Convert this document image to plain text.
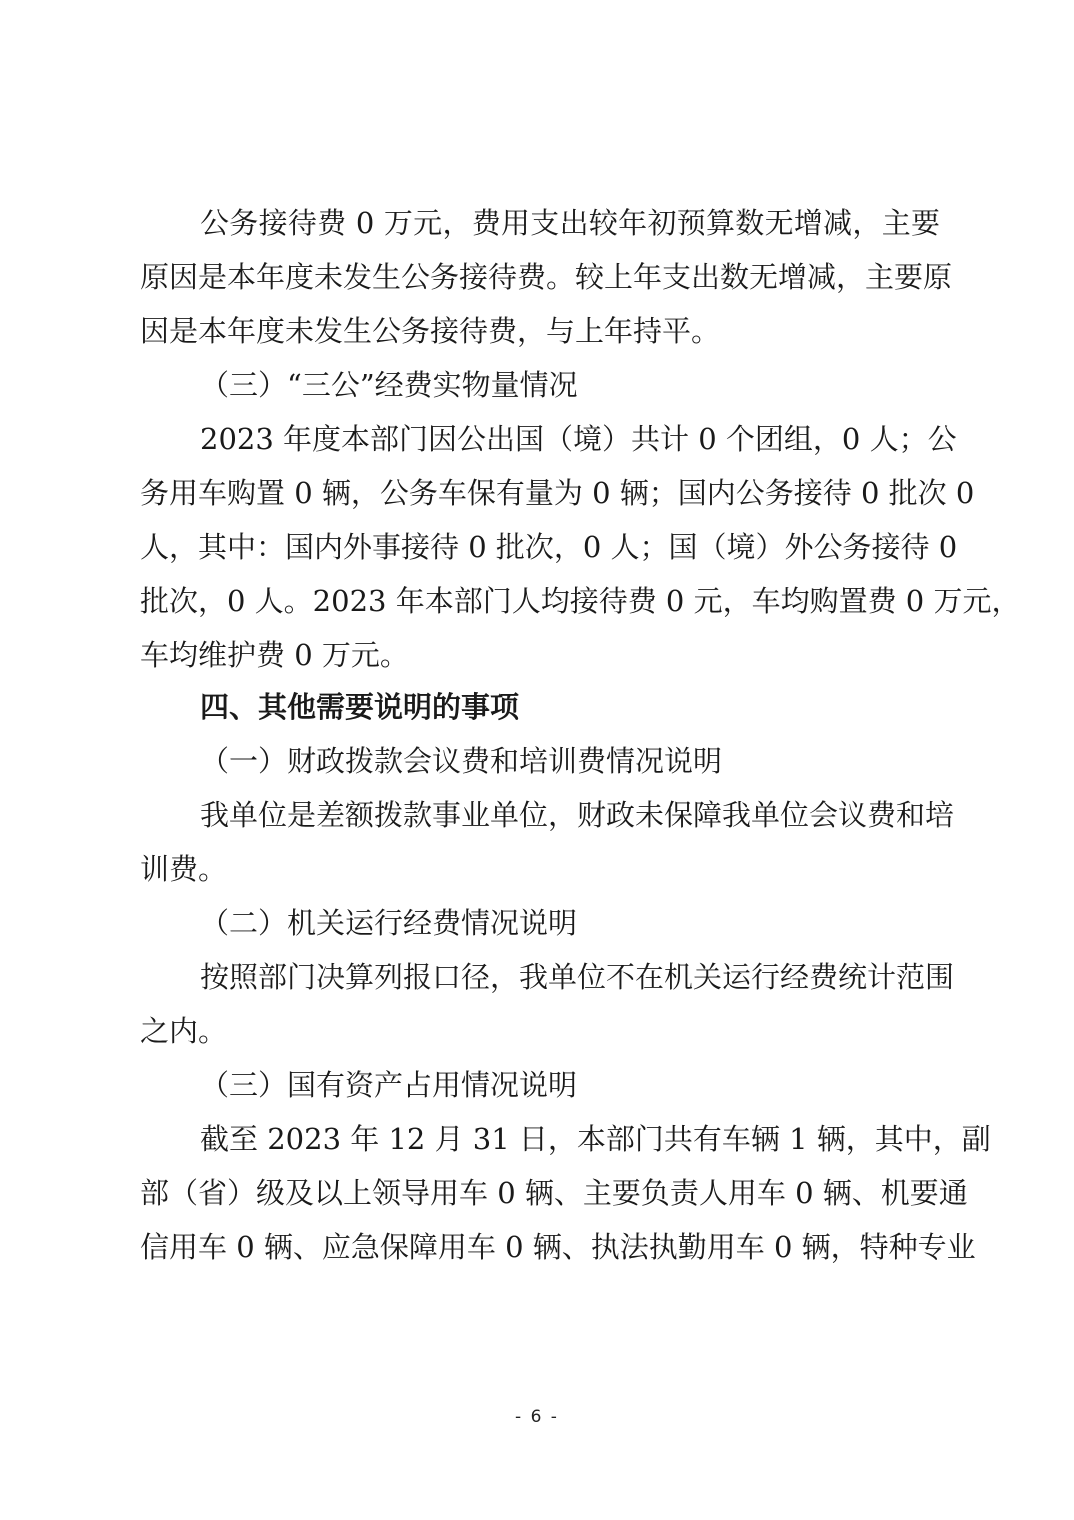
公务接待费 0 万元，费用支出较年初预算数无增减，主要
原因是本年度未发生公务接待费。较上年支出数无增减，主要原
因是本年度未发生公务接待费，与上年持平。
（三）“三公”经费实物量情况
2023 年度本部门因公出国（境）共计 0 个团组，0 人；公
务用车购置 0 辆，公务车保有量为 0 辆；国内公务接待 0 批次 0
人，其中：国内外事接待 0 批次，0 人；国（境）外公务接待 0
批次，0 人。2023 年本部门人均接待费 0 元，车均购置费 0 万元，
车均维护费 0 万元。
四、其他需要说明的事项
（一）财政拨款会议费和培训费情况说明
我单位是差额拨款事业单位，财政未保障我单位会议费和培
训费。
（二）机关运行经费情况说明
按照部门决算列报口径，我单位不在机关运行经费统计范围
之内。
（三）国有资产占用情况说明
截至 2023 年 12 月 31 日，本部门共有车辆 1 辆，其中，副
部（省）级及以上领导用车 0 辆、主要负责人用车 0 辆、机要通
信用车 0 辆、应急保障用车 0 辆、执法执勤用车 0 辆，特种专业
- 6 -
